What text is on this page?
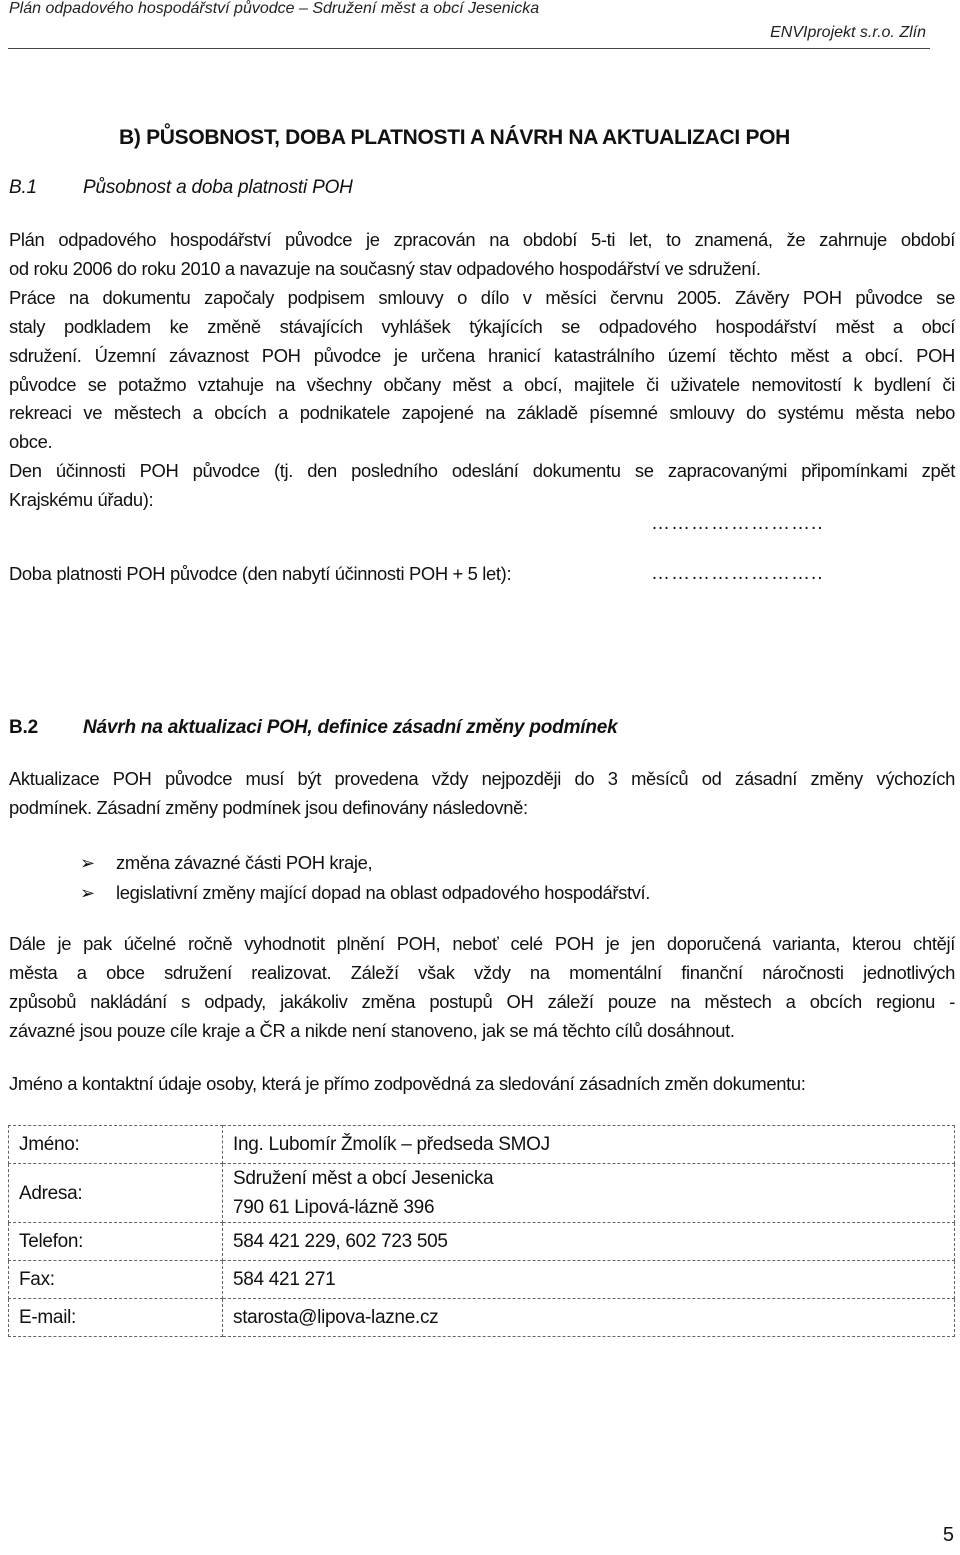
Plán odpadového hospodářství původce – Sdružení měst a obcí Jesenicka
ENVIprojekt s.r.o. Zlín
B) PŮSOBNOST, DOBA PLATNOSTI A NÁVRH NA AKTUALIZACI POH
B.1 Působnost a doba platnosti POH
Plán odpadového hospodářství původce je zpracován na období 5-ti let, to znamená, že zahrnuje období
od roku 2006 do roku 2010 a navazuje na současný stav odpadového hospodářství ve sdružení.
Práce na dokumentu započaly podpisem smlouvy o dílo v měsíci červnu 2005. Závěry POH původce se
staly podkladem ke změně stávajících vyhlášek týkajících se odpadového hospodářství měst a obcí
sdružení. Územní závaznost POH původce je určena hranicí katastrálního území těchto měst a obcí. POH
původce se potažmo vztahuje na všechny občany měst a obcí, majitele či uživatele nemovitostí k bydlení či
rekreaci ve městech a obcích a podnikatele zapojené na základě písemné smlouvy do systému města nebo
obce.
Den účinnosti POH původce (tj. den posledního odeslání dokumentu se zapracovanými připomínkami zpět
Krajskému úřadu):
……………………..
Doba platnosti POH původce (den nabytí účinnosti POH + 5 let):	……………………..
B.2 Návrh na aktualizaci POH, definice zásadní změny podmínek
Aktualizace POH původce musí být provedena vždy nejpozději do 3 měsíců od zásadní změny výchozích
podmínek. Zásadní změny podmínek jsou definovány následovně:
➢	změna závazné části POH kraje,
➢	legislativní změny mající dopad na oblast odpadového hospodářství.
Dále je pak účelné ročně vyhodnotit plnění POH, neboť celé POH je jen doporučená varianta, kterou chtějí
města a obce sdružení realizovat. Záleží však vždy na momentální finanční náročnosti jednotlivých
způsobů nakládání s odpady, jakákoliv změna postupů OH záleží pouze na městech a obcích regionu -
závazné jsou pouze cíle kraje a ČR a nikde není stanoveno, jak se má těchto cílů dosáhnout.
Jméno a kontaktní údaje osoby, která je přímo zodpovědná za sledování zásadních změn dokumentu:
Jméno:	Ing. Lubomír Žmolík – předseda SMOJ
Adresa:	Sdružení měst a obcí Jesenicka
790 61 Lipová-lázně 396

Telefon:	584 421 229, 602 723 505
Fax:	584 421 271
E-mail:	starosta@lipova-lazne.cz
5
